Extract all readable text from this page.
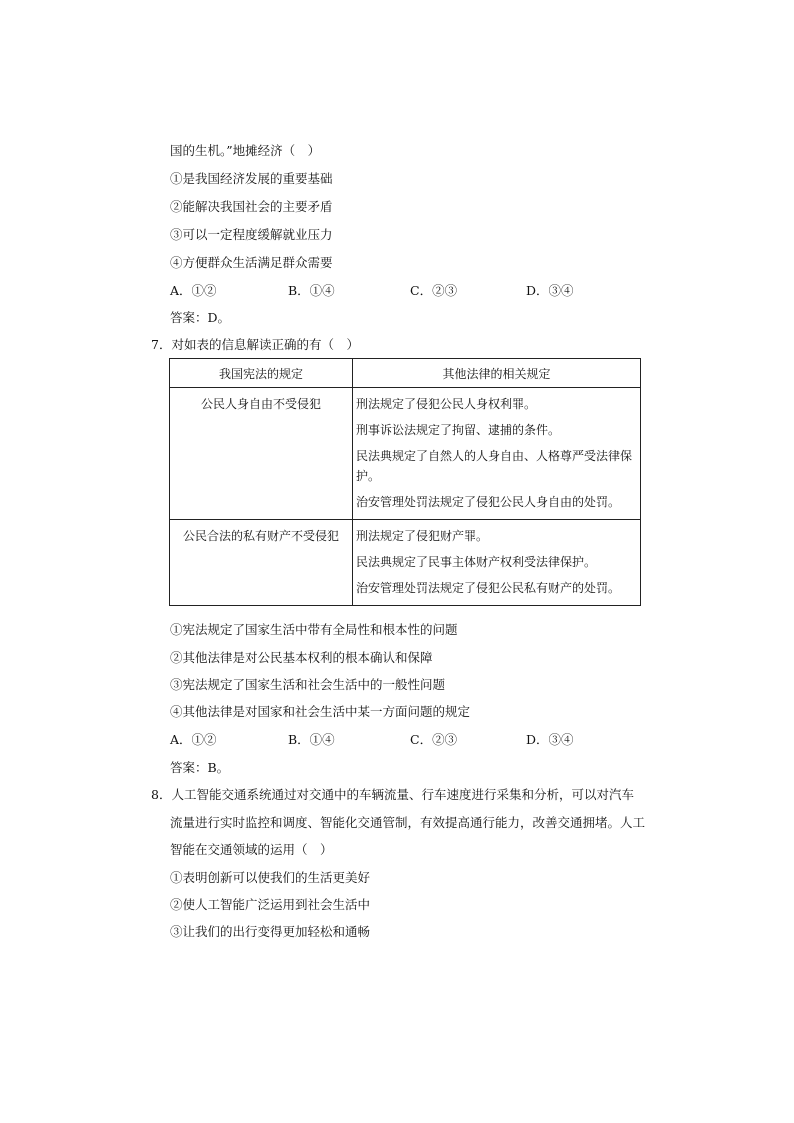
国的生机。”地摊经济（　）
①是我国经济发展的重要基础
②能解决我国社会的主要矛盾
③可以一定程度缓解就业压力
④方便群众生活满足群众需要
A．①②	B．①④	C．②③	D．③④
答案：D。
7．对如表的信息解读正确的有（　）
我国宪法的规定	其他法律的相关规定
公民人身自由不受侵犯	刑法规定了侵犯公民人身权利罪。
刑事诉讼法规定了拘留、逮捕的条件。
民法典规定了自然人的人身自由、人格尊严受法律保
护。
治安管理处罚法规定了侵犯公民人身自由的处罚。

公民合法的私有财产不受侵犯	刑法规定了侵犯财产罪。
民法典规定了民事主体财产权利受法律保护。
治安管理处罚法规定了侵犯公民私有财产的处罚。
①宪法规定了国家生活中带有全局性和根本性的问题
②其他法律是对公民基本权利的根本确认和保障
③宪法规定了国家生活和社会生活中的一般性问题
④其他法律是对国家和社会生活中某一方面问题的规定
A．①②	B．①④	C．②③	D．③④
答案：B。
8．人工智能交通系统通过对交通中的车辆流量、行车速度进行采集和分析，可以对汽车
流量进行实时监控和调度、智能化交通管制，有效提高通行能力，改善交通拥堵。人工
智能在交通领域的运用（　）
①表明创新可以使我们的生活更美好
②使人工智能广泛运用到社会生活中
③让我们的出行变得更加轻松和通畅
